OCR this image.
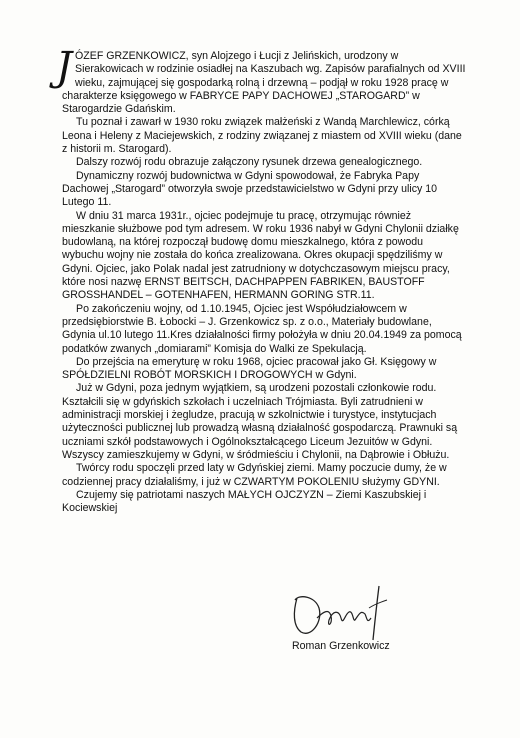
JÓZEF GRZENKOWICZ, syn Alojzego i Łucji z Jelińskich, urodzony w Sierakowicach w rodzinie osiadłej na Kaszubach wg. Zapisów parafialnych od XVIII wieku, zajmującej się gospodarką rolną i drzewną – podjął w roku 1928 pracę w charakterze księgowego w FABRYCE PAPY DACHOWEJ „STAROGARD” w Starogardzie Gdańskim.

Tu poznał i zawarł w 1930 roku związek małżeński z Wandą Marchlewicz, córką Leona i Heleny z Maciejewskich, z rodziny związanej z miastem od XVIII wieku (dane z historii m. Starogard).

Dalszy rozwój rodu obrazuje załączony rysunek drzewa genealogicznego.

Dynamiczny rozwój budownictwa w Gdyni spowodował, że Fabryka Papy Dachowej „Starogard” otworzyła swoje przedstawicielstwo w Gdyni przy ulicy 10 Lutego 11.

W dniu 31 marca 1931r., ojciec podejmuje tu pracę, otrzymując również mieszkanie służbowe pod tym adresem. W roku 1936 nabył w Gdyni Chylonii działkę budowlaną, na której rozpoczął budowę domu mieszkalnego, która z powodu wybuchu wojny nie została do końca zrealizowana. Okres okupacji spędziliśmy w Gdyni. Ojciec, jako Polak nadal jest zatrudniony w dotychczasowym miejscu pracy, które nosi nazwę ERNST BEITSCH, DACHPAPPEN FABRIKEN, BAUSTOFF GROSSHANDEL – GOTENHAFEN, HERMANN GORING STR.11.

Po zakończeniu wojny, od 1.10.1945, Ojciec jest Współudziałowcem w przedsiębiorstwie B. Łobocki – J. Grzenkowicz sp. z o.o., Materiały budowlane, Gdynia ul.10 lutego 11.Kres działalności firmy położyła w dniu 20.04.1949 za pomocą podatków zwanych „domiarami” Komisja do Walki ze Spekulacją.

Do przejścia na emeryturę w roku 1968, ojciec pracował jako Gł. Księgowy w SPÓŁDZIELNI ROBÓT MORSKICH I DROGOWYCH w Gdyni.

Już w Gdyni, poza jednym wyjątkiem, są urodzeni pozostali członkowie rodu. Kształcili się w gdyńskich szkołach i uczelniach Trójmiasta. Byli zatrudnieni w administracji morskiej i żegludze, pracują w szkolnictwie i turystyce, instytucjach użyteczności publicznej lub prowadzą własną działalność gospodarczą. Prawnuki są uczniami szkół podstawowych i Ogólnokształcącego Liceum Jezuitów w Gdyni. Wszyscy zamieszkujemy w Gdyni, w śródmieściu i Chylonii, na Dąbrowie i Obłużu.

Twórcy rodu spoczęli przed laty w Gdyńskiej ziemi. Mamy poczucie dumy, że w codziennej pracy działaliśmy, i już w CZWARTYM POKOLENIU służymy GDYNI.

Czujemy się patriotami naszych MAŁYCH OJCZYZN – Ziemi Kaszubskiej i Kociewskiej

Roman Grzenkowicz
